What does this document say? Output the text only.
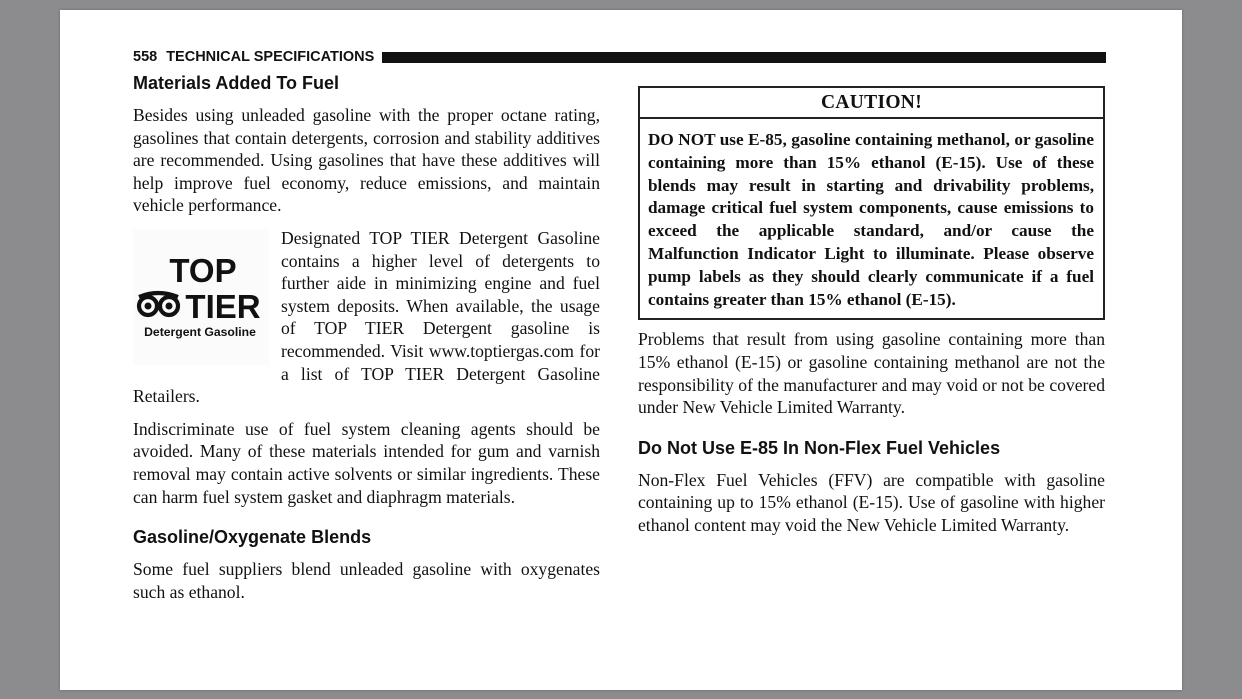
558 TECHNICAL SPECIFICATIONS
Materials Added To Fuel

Besides using unleaded gasoline with the proper octane rating, gasolines that contain detergents, corrosion and stability additives are recommended. Using gasolines that have these additives will help improve fuel economy, reduce emissions, and maintain vehicle performance.

TOP
TIER
Detergent Gasoline

Designated TOP TIER Detergent Gasoline contains a higher level of detergents to further aide in minimizing engine and fuel system deposits. When available, the usage of TOP TIER Detergent gasoline is recommended. Visit www.toptiergas.com for a list of TOP TIER Detergent Gasoline Retailers.

Indiscriminate use of fuel system cleaning agents should be avoided. Many of these materials intended for gum and varnish removal may contain active solvents or similar ingredients. These can harm fuel system gasket and diaphragm materials.

Gasoline/Oxygenate Blends

Some fuel suppliers blend unleaded gasoline with oxygenates such as ethanol.

CAUTION!

DO NOT use E-85, gasoline containing methanol, or gasoline containing more than 15% ethanol (E-15). Use of these blends may result in starting and drivability problems, damage critical fuel system components, cause emissions to exceed the applicable standard, and/or cause the Malfunction Indicator Light to illuminate. Please observe pump labels as they should clearly communicate if a fuel contains greater than 15% ethanol (E-15).

Problems that result from using gasoline containing more than 15% ethanol (E-15) or gasoline containing methanol are not the responsibility of the manufacturer and may void or not be covered under New Vehicle Limited Warranty.

Do Not Use E-85 In Non-Flex Fuel Vehicles

Non-Flex Fuel Vehicles (FFV) are compatible with gasoline containing up to 15% ethanol (E-15). Use of gasoline with higher ethanol content may void the New Vehicle Limited Warranty.
